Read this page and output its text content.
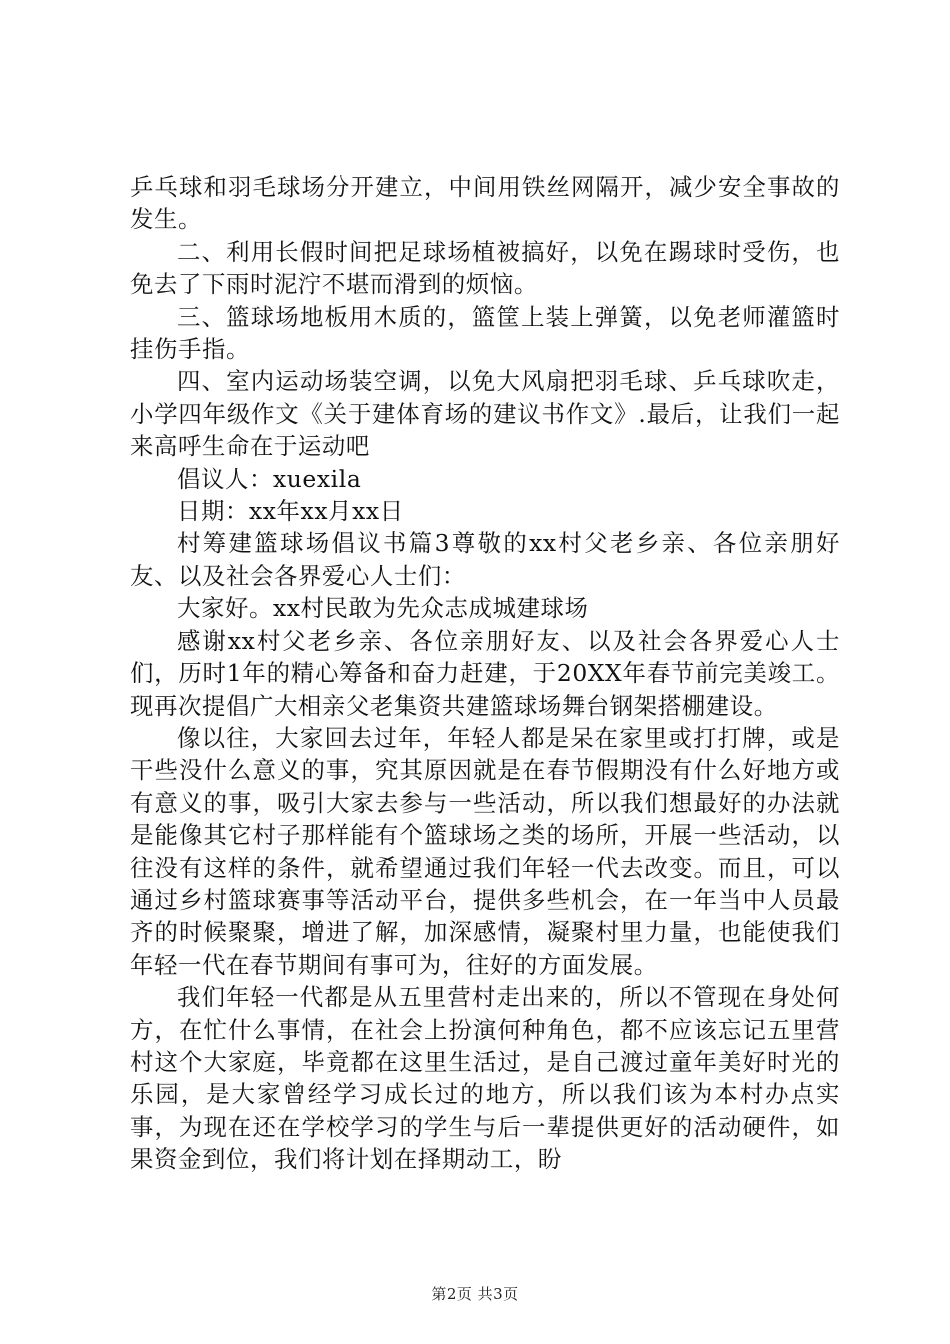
乒乓球和羽毛球场分开建立，中间用铁丝网隔开，减少安全事故的发生。

二、利用长假时间把足球场植被搞好，以免在踢球时受伤，也免去了下雨时泥泞不堪而滑到的烦恼。

三、篮球场地板用木质的，篮筐上装上弹簧，以免老师灌篮时挂伤手指。

四、室内运动场装空调，以免大风扇把羽毛球、乒乓球吹走，小学四年级作文《关于建体育场的建议书作文》.最后，让我们一起来高呼生命在于运动吧

倡议人：xuexila

日期：xx年xx月xx日

村筹建篮球场倡议书篇3尊敬的xx村父老乡亲、各位亲朋好友、以及社会各界爱心人士们：

大家好。xx村民敢为先众志成城建球场

感谢xx村父老乡亲、各位亲朋好友、以及社会各界爱心人士们，历时1年的精心筹备和奋力赶建，于20XX年春节前完美竣工。现再次提倡广大相亲父老集资共建篮球场舞台钢架搭棚建设。

像以往，大家回去过年，年轻人都是呆在家里或打打牌，或是干些没什么意义的事，究其原因就是在春节假期没有什么好地方或有意义的事，吸引大家去参与一些活动，所以我们想最好的办法就是能像其它村子那样能有个篮球场之类的场所，开展一些活动，以往没有这样的条件，就希望通过我们年轻一代去改变。而且，可以通过乡村篮球赛事等活动平台，提供多些机会，在一年当中人员最齐的时候聚聚，增进了解，加深感情，凝聚村里力量，也能使我们年轻一代在春节期间有事可为，往好的方面发展。

我们年轻一代都是从五里营村走出来的，所以不管现在身处何方，在忙什么事情，在社会上扮演何种角色，都不应该忘记五里营村这个大家庭，毕竟都在这里生活过，是自己渡过童年美好时光的乐园，是大家曾经学习成长过的地方，所以我们该为本村办点实事，为现在还在学校学习的学生与后一辈提供更好的活动硬件，如果资金到位，我们将计划在择期动工，盼

第2页 共3页
